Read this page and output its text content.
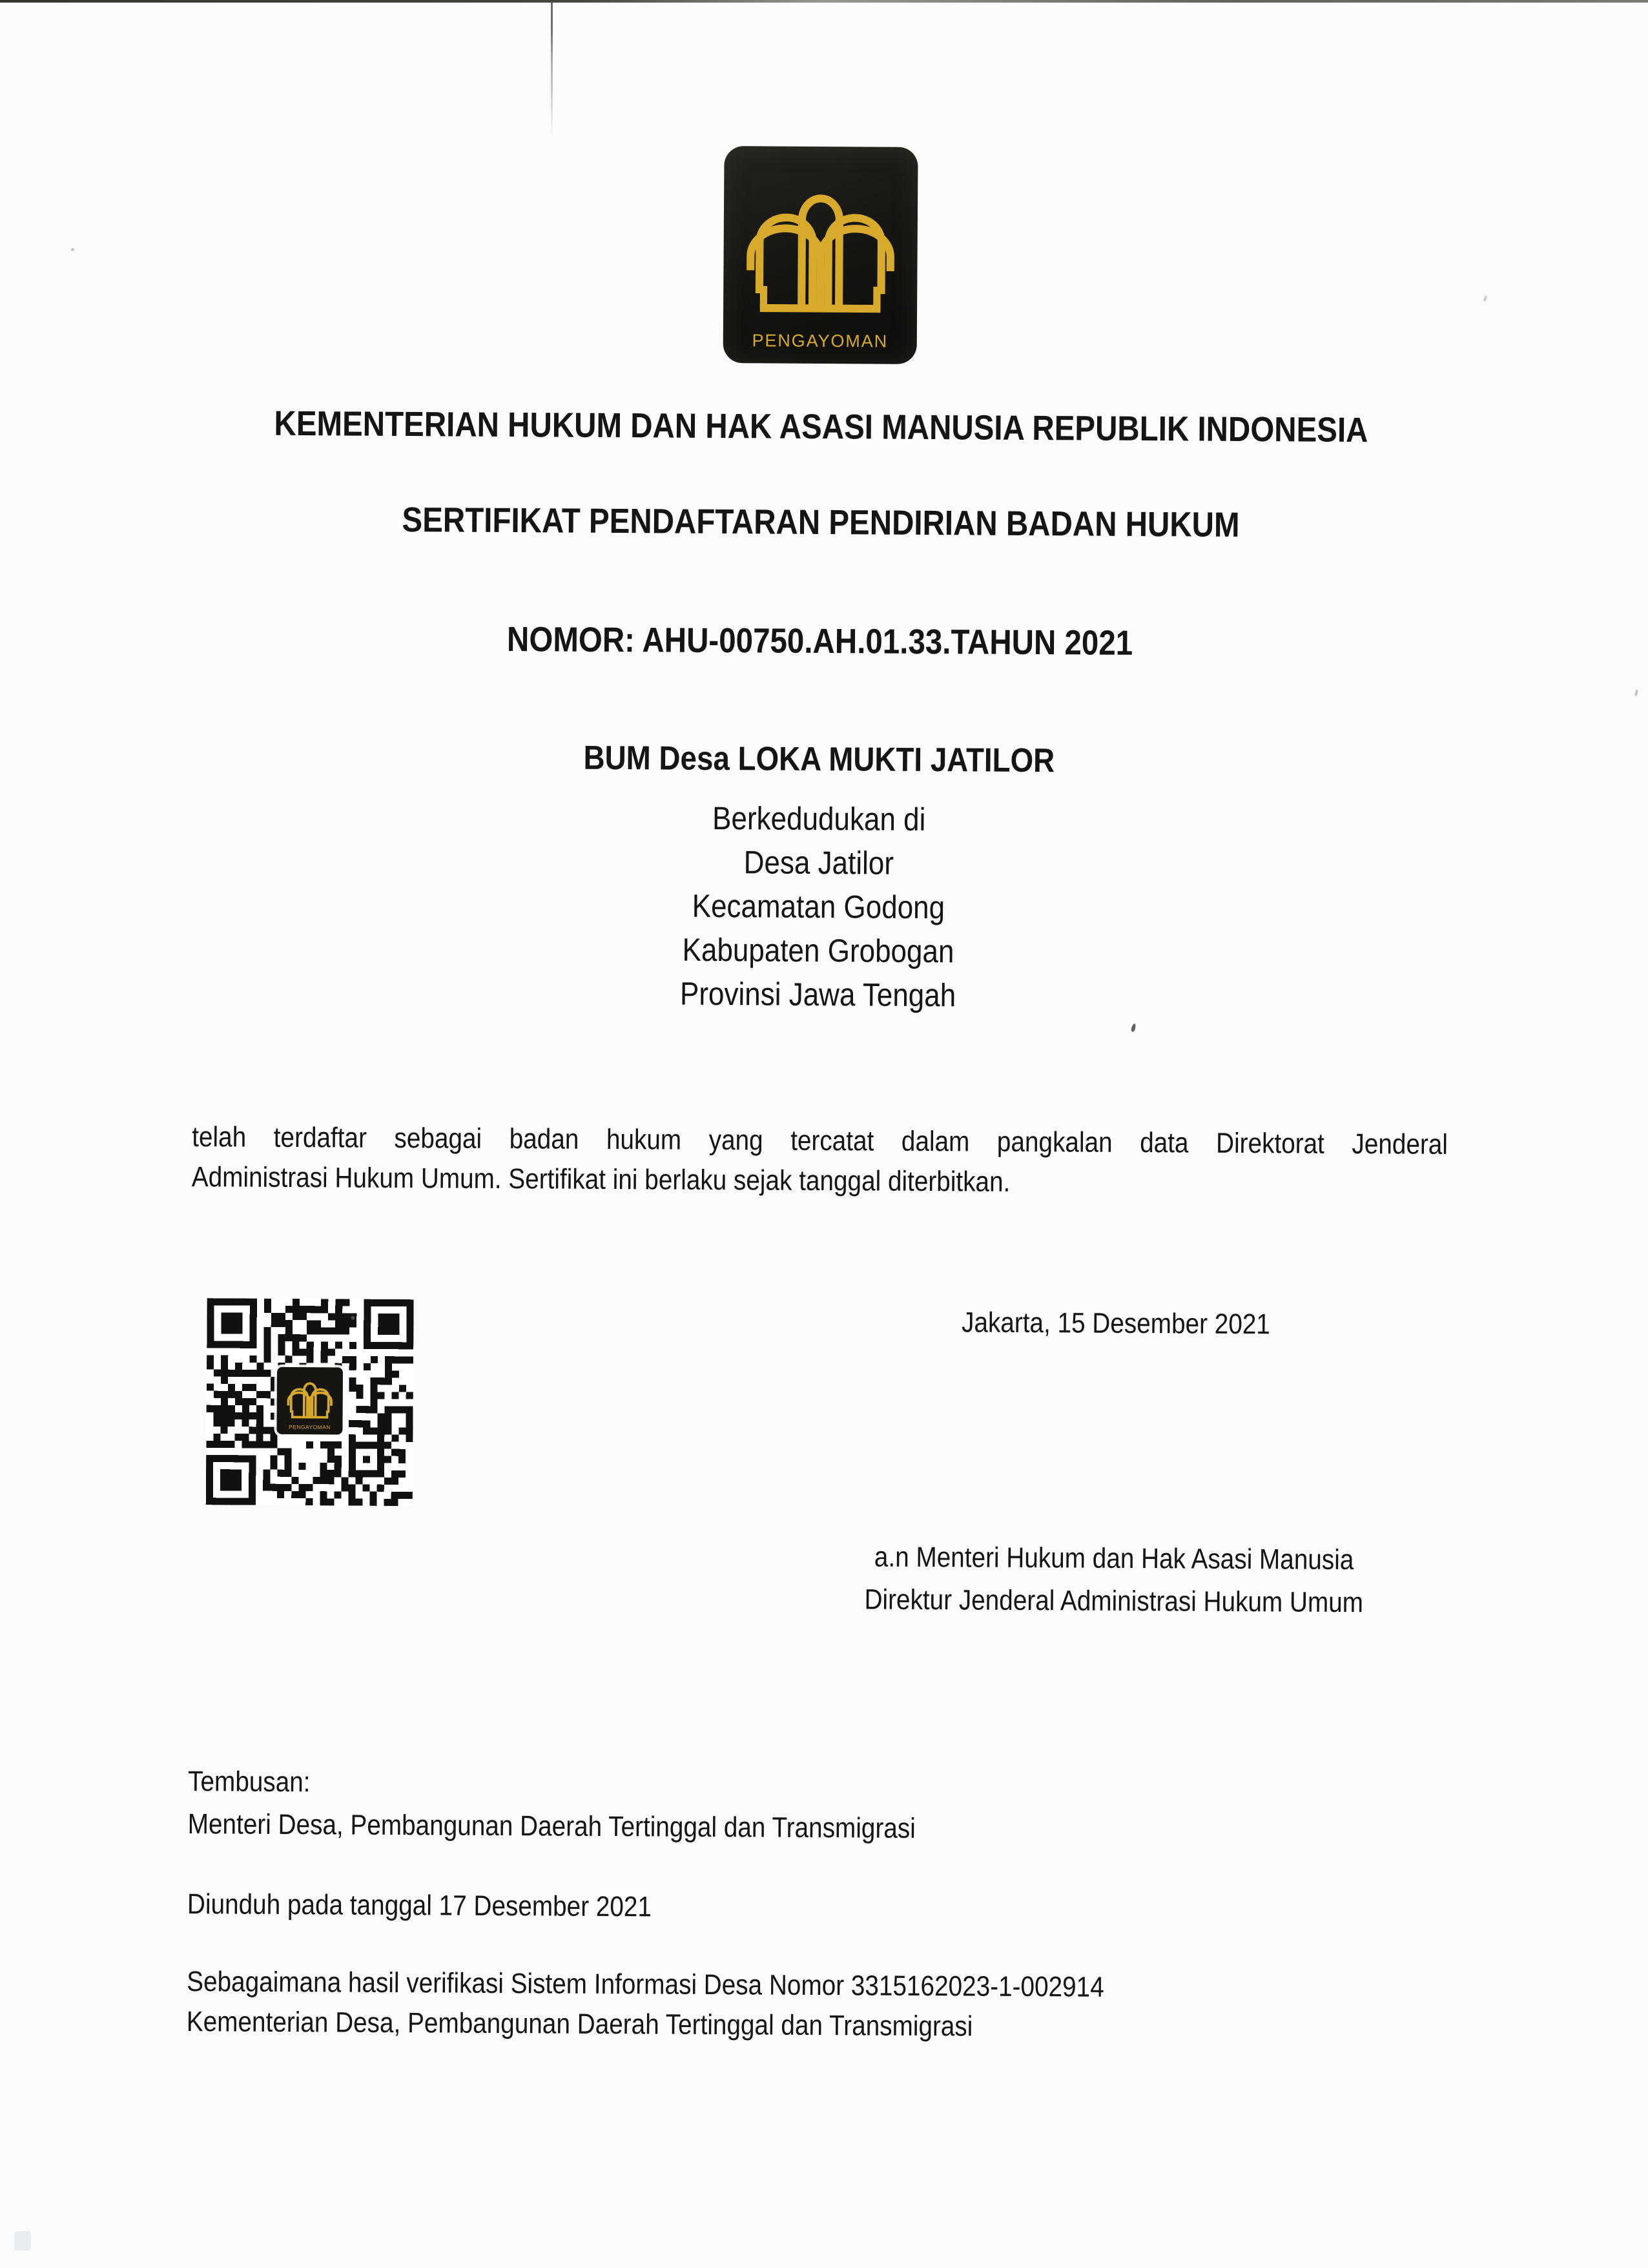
KEMENTERIAN HUKUM DAN HAK ASASI MANUSIA REPUBLIK INDONESIA
SERTIFIKAT PENDAFTARAN PENDIRIAN BADAN HUKUM
NOMOR: AHU-00750.AH.01.33.TAHUN 2021
BUM Desa LOKA MUKTI JATILOR
Berkedudukan di
Desa Jatilor
Kecamatan Godong
Kabupaten Grobogan
Provinsi Jawa Tengah
telah terdaftar sebagai badan hukum yang tercatat dalam pangkalan data Direktorat Jenderal
Administrasi Hukum Umum. Sertifikat ini berlaku sejak tanggal diterbitkan.
Jakarta, 15 Desember 2021
a.n Menteri Hukum dan Hak Asasi Manusia
Direktur Jenderal Administrasi Hukum Umum
Tembusan:
Menteri Desa, Pembangunan Daerah Tertinggal dan Transmigrasi
Diunduh pada tanggal 17 Desember 2021
Sebagaimana hasil verifikasi Sistem Informasi Desa Nomor 3315162023-1-002914
Kementerian Desa, Pembangunan Daerah Tertinggal dan Transmigrasi
